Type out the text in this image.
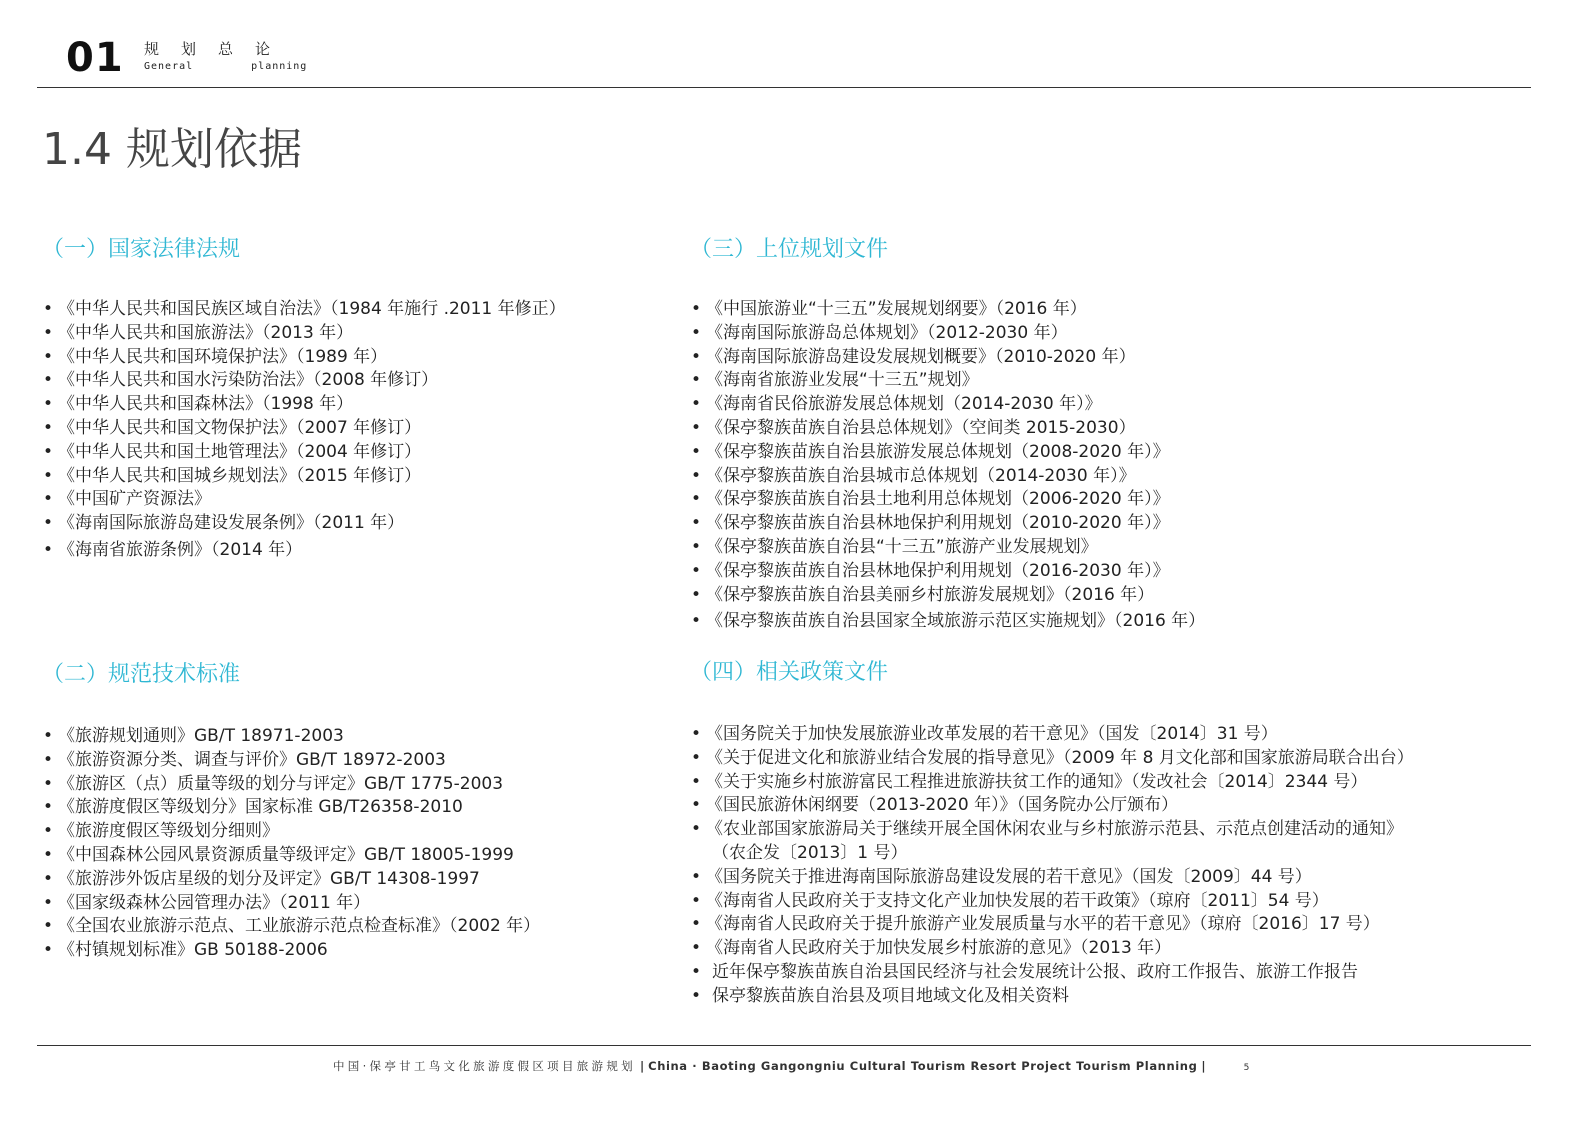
01 规划总论
General	planning
1.4 规划依据
（一）国家法律法规
• 《中华人民共和国民族区域自治法》（1984 年施行 .2011 年修正）
• 《中华人民共和国旅游法》（2013 年）
• 《中华人民共和国环境保护法》（1989 年）
• 《中华人民共和国水污染防治法》（2008 年修订）
• 《中华人民共和国森林法》（1998 年）
• 《中华人民共和国文物保护法》（2007 年修订）
• 《中华人民共和国土地管理法》（2004 年修订）
• 《中华人民共和国城乡规划法》（2015 年修订）
• 《中国矿产资源法》
• 《海南国际旅游岛建设发展条例》（2011 年）
• 《海南省旅游条例》（2014 年）
（二）规范技术标准
• 《旅游规划通则》GB/T 18971-2003
• 《旅游资源分类、调查与评价》GB/T 18972-2003
• 《旅游区（点）质量等级的划分与评定》GB/T 1775-2003
• 《旅游度假区等级划分》国家标准 GB/T26358-2010
• 《旅游度假区等级划分细则》
• 《中国森林公园风景资源质量等级评定》GB/T 18005-1999
• 《旅游涉外饭店星级的划分及评定》GB/T 14308-1997
• 《国家级森林公园管理办法》（2011 年）
• 《全国农业旅游示范点、工业旅游示范点检查标准》（2002 年）
• 《村镇规划标准》GB 50188-2006
（三）上位规划文件
• 《中国旅游业“十三五”发展规划纲要》（2016 年）
• 《海南国际旅游岛总体规划》（2012-2030 年）
• 《海南国际旅游岛建设发展规划概要》（2010-2020 年）
• 《海南省旅游业发展“十三五”规划》
• 《海南省民俗旅游发展总体规划（2014-2030 年）》
• 《保亭黎族苗族自治县总体规划》（空间类 2015-2030）
• 《保亭黎族苗族自治县旅游发展总体规划（2008-2020 年）》
• 《保亭黎族苗族自治县城市总体规划（2014-2030 年）》
• 《保亭黎族苗族自治县土地利用总体规划（2006-2020 年）》
• 《保亭黎族苗族自治县林地保护利用规划（2010-2020 年）》
• 《保亭黎族苗族自治县“十三五”旅游产业发展规划》
• 《保亭黎族苗族自治县林地保护利用规划（2016-2030 年）》
• 《保亭黎族苗族自治县美丽乡村旅游发展规划》（2016 年）
• 《保亭黎族苗族自治县国家全域旅游示范区实施规划》（2016 年）
（四）相关政策文件
• 《国务院关于加快发展旅游业改革发展的若干意见》（国发〔2014〕31 号）
• 《关于促进文化和旅游业结合发展的指导意见》（2009 年 8 月文化部和国家旅游局联合出台）
• 《关于实施乡村旅游富民工程推进旅游扶贫工作的通知》（发改社会〔2014〕2344 号）
• 《国民旅游休闲纲要（2013-2020 年）》（国务院办公厅颁布）
• 《农业部国家旅游局关于继续开展全国休闲农业与乡村旅游示范县、示范点创建活动的通知》
（农企发〔2013〕1 号）
• 《国务院关于推进海南国际旅游岛建设发展的若干意见》（国发〔2009〕44 号）
• 《海南省人民政府关于支持文化产业加快发展的若干政策》（琼府〔2011〕54 号）
• 《海南省人民政府关于提升旅游产业发展质量与水平的若干意见》（琼府〔2016〕17 号）
• 《海南省人民政府关于加快发展乡村旅游的意见》（2013 年）
• 近年保亭黎族苗族自治县国民经济与社会发展统计公报、政府工作报告、旅游工作报告
• 保亭黎族苗族自治县及项目地域文化及相关资料
中国·保亭甘工鸟文化旅游度假区项目旅游规划 | China · Baoting Gangongniu Cultural Tourism Resort Project Tourism Planning |	5
